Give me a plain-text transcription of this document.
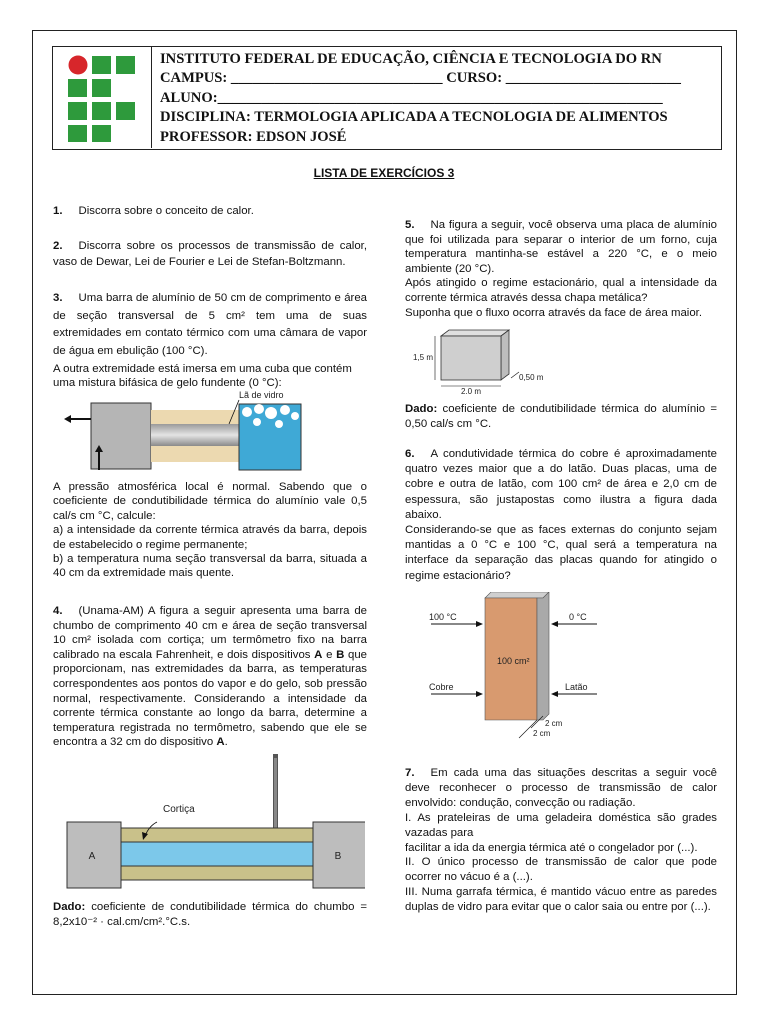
INSTITUTO FEDERAL DE EDUCAÇÃO, CIÊNCIA E TECNOLOGIA DO RN
CAMPUS: _____________________________ CURSO: ________________________
ALUNO:_____________________________________________________________
DISCIPLINA: TERMOLOGIA APLICADA A TECNOLOGIA DE ALIMENTOS
PROFESSOR: EDSON JOSÉ
LISTA DE EXERCÍCIOS 3
1. Discorra sobre o conceito de calor.
2. Discorra sobre os processos de transmissão de calor, vaso de Dewar, Lei de Fourier e Lei de Stefan-Boltzmann.
3. Uma barra de alumínio de 50 cm de comprimento e área de seção transversal de 5 cm² tem uma de suas extremidades em contato térmico com uma câmara de vapor de água em ebulição (100 °C).
A outra extremidade está imersa em uma cuba que contém uma mistura bifásica de gelo fundente (0 °C):
Lã de vidro

A pressão atmosférica local é normal. Sabendo que o coeficiente de condutibilidade térmica do alumínio vale 0,5 cal/s cm °C, calcule:

a) a intensidade da corrente térmica através da barra, depois de estabelecido o regime permanente;

b) a temperatura numa seção transversal da barra, situada a 40 cm da extremidade mais quente.

4. (Unama-AM) A figura a seguir apresenta uma barra de chumbo de comprimento 40 cm e área de seção transversal 10 cm² isolada com cortiça; um termômetro fixo na barra calibrado na escala Fahrenheit, e dois dispositivos A e B que proporcionam, nas extremidades da barra, as temperaturas correspondentes aos pontos do vapor e do gelo, sob pressão normal, respectivamente. Considerando a intensidade da corrente térmica constante ao longo da barra, determine a temperatura registrada no termômetro, sabendo que ele se encontra a 32 cm do dispositivo A.
Cortiça
A	B
Dado: coeficiente de condutibilidade térmica do chumbo = 8,2x10⁻² · cal.cm/cm².°C.s.

5. Na figura a seguir, você observa uma placa de alumínio que foi utilizada para separar o interior de um forno, cuja temperatura mantinha-se estável a 220 °C, e o meio ambiente (20 °C).

Após atingido o regime estacionário, qual a intensidade da corrente térmica através dessa chapa metálica?

Suponha que o fluxo ocorra através da face de área maior.

1,5 m
2,0 m
0,50 m
Dado: coeficiente de condutibilidade térmica do alumínio = 0,50 cal/s cm °C.

6. A condutividade térmica do cobre é aproximadamente quatro vezes maior que a do latão. Duas placas, uma de cobre e outra de latão, com 100 cm² de área e 2,0 cm de espessura, são justapostas como ilustra a figura dada abaixo.

Considerando-se que as faces externas do conjunto sejam mantidas a 0 °C e 100 °C, qual será a temperatura na interface da separação das placas quando for atingido o regime estacionário?

100 °C	0 °C
100 cm²
Cobre	Latão
2 cm
2 cm

7. Em cada uma das situações descritas a seguir você deve reconhecer o processo de transmissão de calor envolvido: condução, convecção ou radiação.

I. As prateleiras de uma geladeira doméstica são grades vazadas para

facilitar a ida da energia térmica até o congelador por (...).

II. O único processo de transmissão de calor que pode ocorrer no vácuo é a (...).

III. Numa garrafa térmica, é mantido vácuo entre as paredes duplas de vidro para evitar que o calor saia ou entre por (...).
